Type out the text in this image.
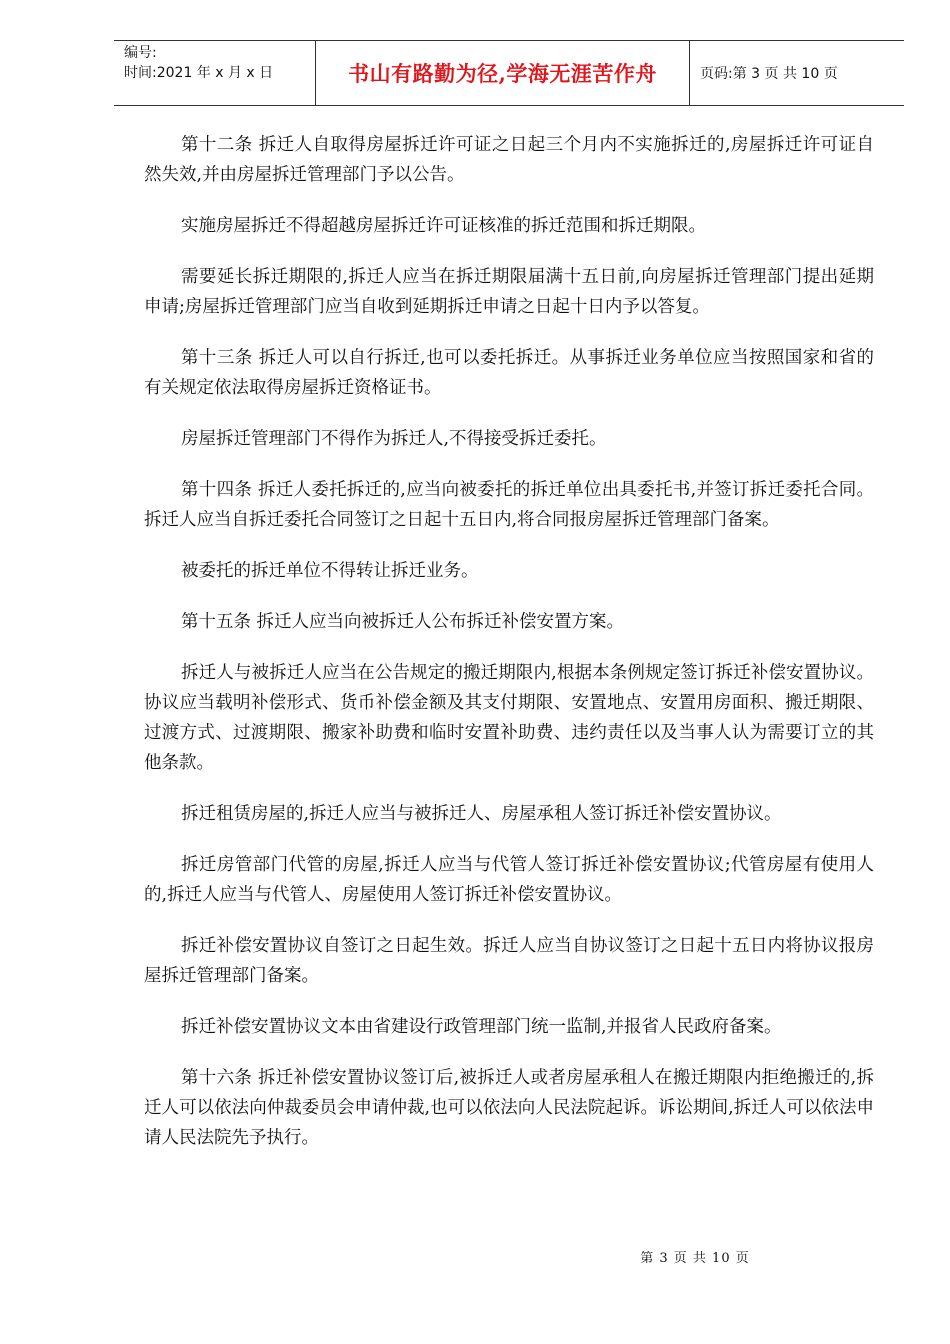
编号:
时间:2021 年 x 月 x 日	书山有路勤为径,学海无涯苦作舟	页码:第 3 页 共 10 页

第十二条 拆迁人自取得房屋拆迁许可证之日起三个月内不实施拆迁的,房屋拆迁许可证自然失效,并由房屋拆迁管理部门予以公告。

实施房屋拆迁不得超越房屋拆迁许可证核准的拆迁范围和拆迁期限。

需要延长拆迁期限的,拆迁人应当在拆迁期限届满十五日前,向房屋拆迁管理部门提出延期申请;房屋拆迁管理部门应当自收到延期拆迁申请之日起十日内予以答复。

第十三条 拆迁人可以自行拆迁,也可以委托拆迁。从事拆迁业务单位应当按照国家和省的有关规定依法取得房屋拆迁资格证书。

房屋拆迁管理部门不得作为拆迁人,不得接受拆迁委托。

第十四条 拆迁人委托拆迁的,应当向被委托的拆迁单位出具委托书,并签订拆迁委托合同。拆迁人应当自拆迁委托合同签订之日起十五日内,将合同报房屋拆迁管理部门备案。

被委托的拆迁单位不得转让拆迁业务。

第十五条 拆迁人应当向被拆迁人公布拆迁补偿安置方案。

拆迁人与被拆迁人应当在公告规定的搬迁期限内,根据本条例规定签订拆迁补偿安置协议。协议应当载明补偿形式、货币补偿金额及其支付期限、安置地点、安置用房面积、搬迁期限、过渡方式、过渡期限、搬家补助费和临时安置补助费、违约责任以及当事人认为需要订立的其他条款。

拆迁租赁房屋的,拆迁人应当与被拆迁人、房屋承租人签订拆迁补偿安置协议。

拆迁房管部门代管的房屋,拆迁人应当与代管人签订拆迁补偿安置协议;代管房屋有使用人的,拆迁人应当与代管人、房屋使用人签订拆迁补偿安置协议。

拆迁补偿安置协议自签订之日起生效。拆迁人应当自协议签订之日起十五日内将协议报房屋拆迁管理部门备案。

拆迁补偿安置协议文本由省建设行政管理部门统一监制,并报省人民政府备案。

第十六条 拆迁补偿安置协议签订后,被拆迁人或者房屋承租人在搬迁期限内拒绝搬迁的,拆迁人可以依法向仲裁委员会申请仲裁,也可以依法向人民法院起诉。诉讼期间,拆迁人可以依法申请人民法院先予执行。

第 3 页 共 10 页
